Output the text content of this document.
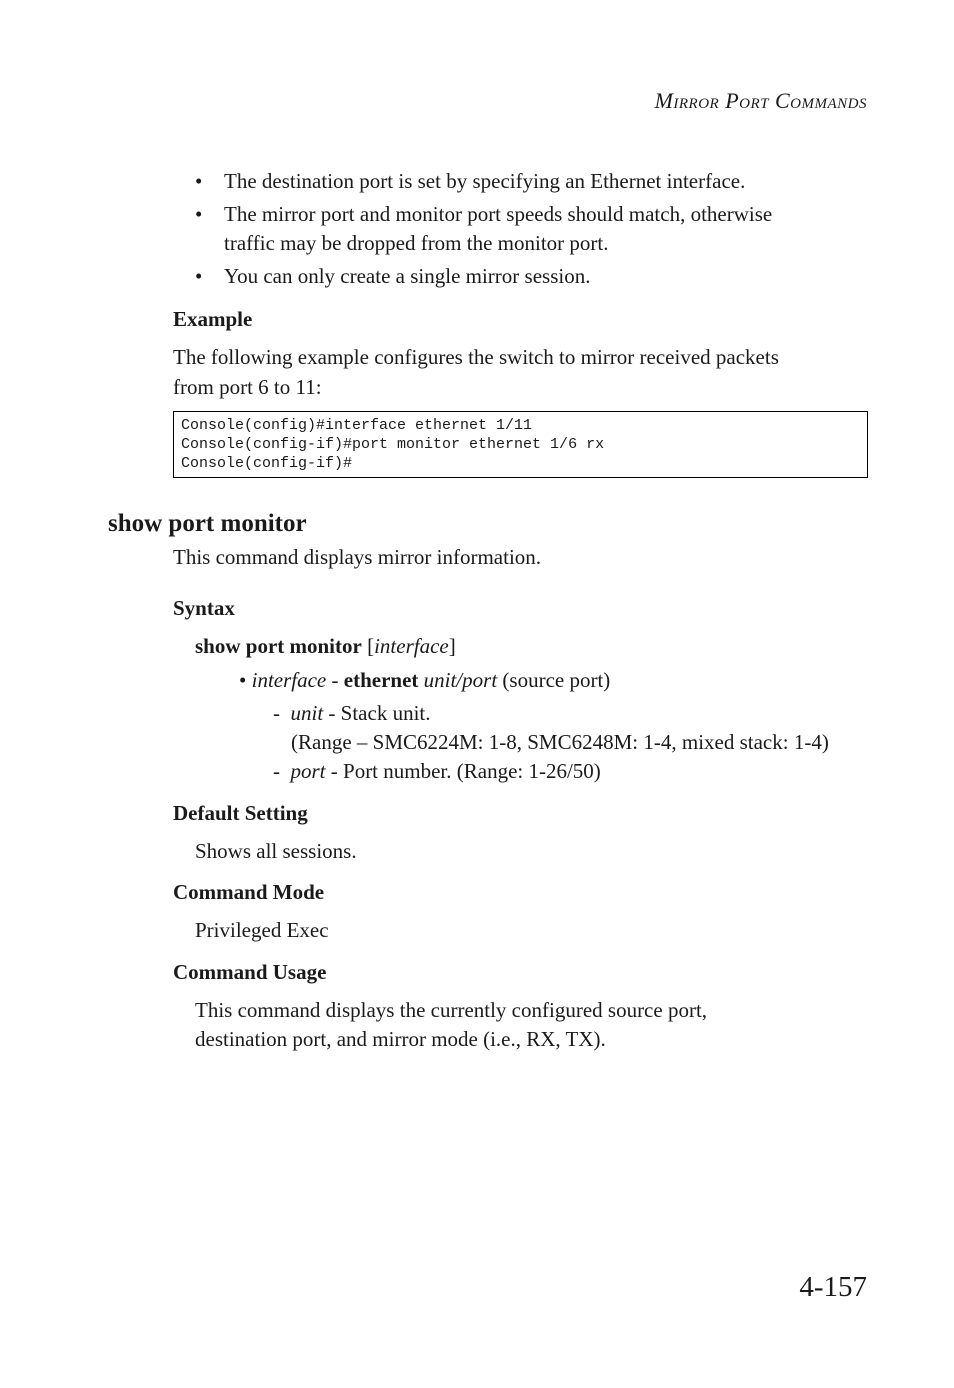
Mirror Port Commands
• The destination port is set by specifying an Ethernet interface.
• The mirror port and monitor port speeds should match, otherwise
traffic may be dropped from the monitor port.
• You can only create a single mirror session.
Example
The following example configures the switch to mirror received packets
from port 6 to 11:
Console(config)#interface ethernet 1/11
Console(config-if)#port monitor ethernet 1/6 rx
Console(config-if)#
show port monitor
This command displays mirror information.
Syntax
show port monitor [interface]
• interface - ethernet unit/port (source port)
- unit - Stack unit.
(Range – SMC6224M: 1-8, SMC6248M: 1-4, mixed stack: 1-4)
- port - Port number. (Range: 1-26/50)
Default Setting
Shows all sessions.
Command Mode
Privileged Exec
Command Usage
This command displays the currently configured source port,
destination port, and mirror mode (i.e., RX, TX).
4-157
